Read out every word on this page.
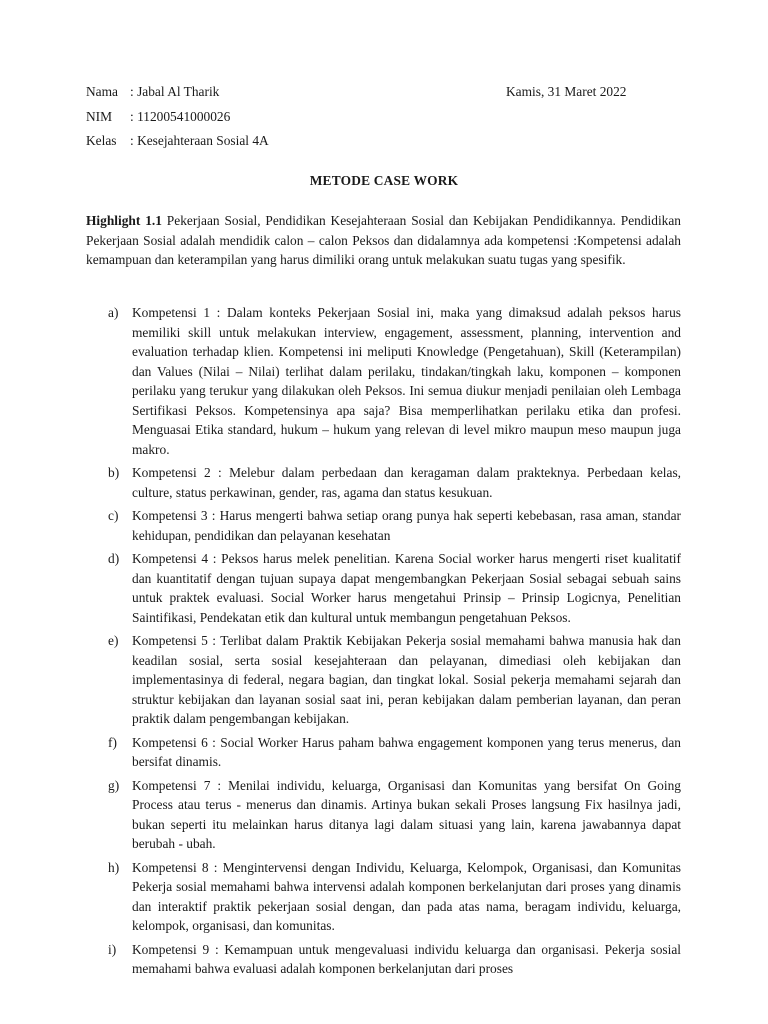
Nama : Jabal Al Tharik
NIM : 11200541000026
Kelas : Kesejahteraan Sosial 4A
Kamis, 31 Maret 2022
METODE CASE WORK

Highlight 1.1 Pekerjaan Sosial, Pendidikan Kesejahteraan Sosial dan Kebijakan Pendidikannya. Pendidikan Pekerjaan Sosial adalah mendidik calon – calon Peksos dan didalamnya ada kompetensi :Kompetensi adalah kemampuan dan keterampilan yang harus dimiliki orang untuk melakukan suatu tugas yang spesifik.

a) Kompetensi 1 : Dalam konteks Pekerjaan Sosial ini, maka yang dimaksud adalah peksos harus memiliki skill untuk melakukan interview, engagement, assessment, planning, intervention and evaluation terhadap klien. Kompetensi ini meliputi Knowledge (Pengetahuan), Skill (Keterampilan) dan Values (Nilai – Nilai) terlihat dalam perilaku, tindakan/tingkah laku, komponen – komponen perilaku yang terukur yang dilakukan oleh Peksos. Ini semua diukur menjadi penilaian oleh Lembaga Sertifikasi Peksos. Kompetensinya apa saja? Bisa memperlihatkan perilaku etika dan profesi. Menguasai Etika standard, hukum – hukum yang relevan di level mikro maupun meso maupun juga makro.
b) Kompetensi 2 : Melebur dalam perbedaan dan keragaman dalam prakteknya. Perbedaan kelas, culture, status perkawinan, gender, ras, agama dan status kesukuan.
c) Kompetensi 3 : Harus mengerti bahwa setiap orang punya hak seperti kebebasan, rasa aman, standar kehidupan, pendidikan dan pelayanan kesehatan
d) Kompetensi 4 : Peksos harus melek penelitian. Karena Social worker harus mengerti riset kualitatif dan kuantitatif dengan tujuan supaya dapat mengembangkan Pekerjaan Sosial sebagai sebuah sains untuk praktek evaluasi. Social Worker harus mengetahui Prinsip – Prinsip Logicnya, Penelitian Saintifikasi, Pendekatan etik dan kultural untuk membangun pengetahuan Peksos.
e) Kompetensi 5 : Terlibat dalam Praktik Kebijakan Pekerja sosial memahami bahwa manusia hak dan keadilan sosial, serta sosial kesejahteraan dan pelayanan, dimediasi oleh kebijakan dan implementasinya di federal, negara bagian, dan tingkat lokal. Sosial pekerja memahami sejarah dan struktur kebijakan dan layanan sosial saat ini, peran kebijakan dalam pemberian layanan, dan peran praktik dalam pengembangan kebijakan.
f) Kompetensi 6 : Social Worker Harus paham bahwa engagement komponen yang terus menerus, dan bersifat dinamis.
g) Kompetensi 7 : Menilai individu, keluarga, Organisasi dan Komunitas yang bersifat On Going Process atau terus - menerus dan dinamis. Artinya bukan sekali Proses langsung Fix hasilnya jadi, bukan seperti itu melainkan harus ditanya lagi dalam situasi yang lain, karena jawabannya dapat berubah - ubah.
h) Kompetensi 8 : Mengintervensi dengan Individu, Keluarga, Kelompok, Organisasi, dan Komunitas Pekerja sosial memahami bahwa intervensi adalah komponen berkelanjutan dari proses yang dinamis dan interaktif praktik pekerjaan sosial dengan, dan pada atas nama, beragam individu, keluarga, kelompok, organisasi, dan komunitas.
i) Kompetensi 9 : Kemampuan untuk mengevaluasi individu keluarga dan organisasi. Pekerja sosial memahami bahwa evaluasi adalah komponen berkelanjutan dari proses
